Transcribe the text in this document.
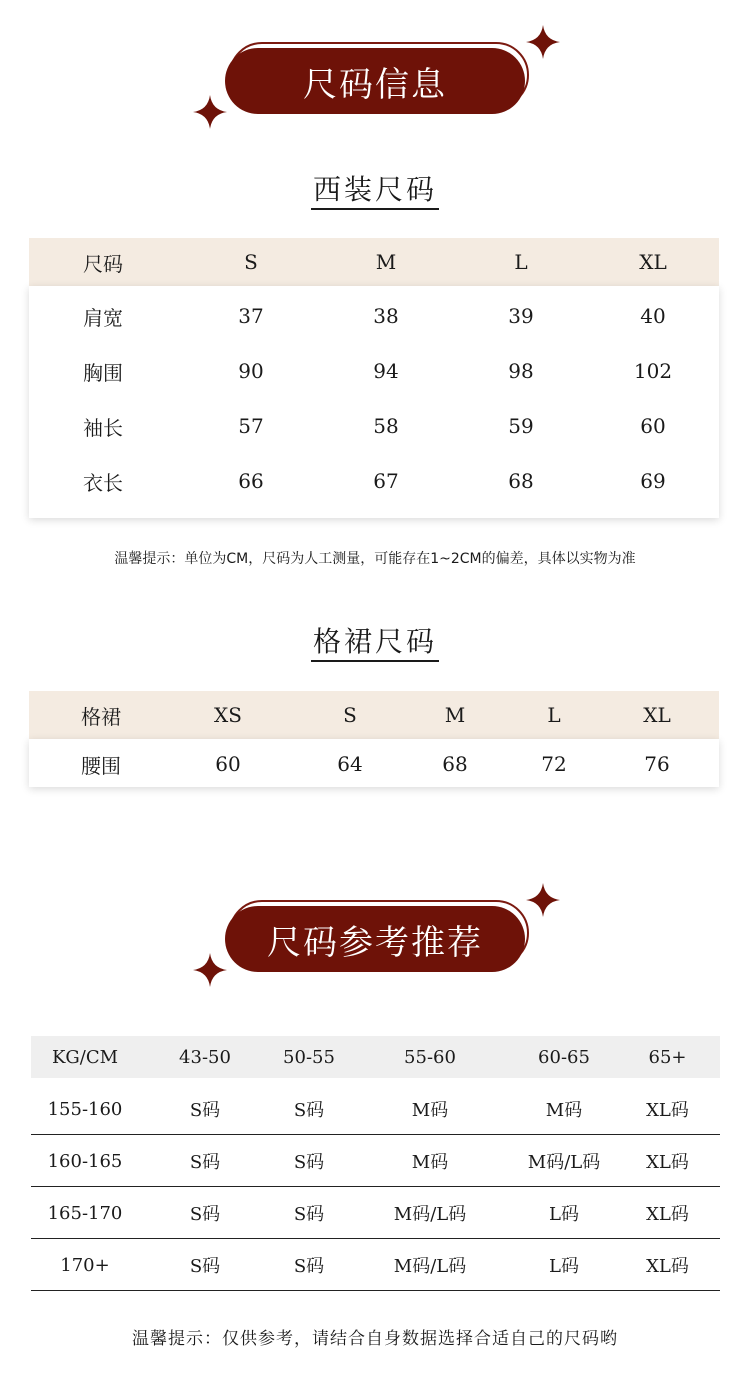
尺码信息
西装尺码
尺码	S	M	L	XL
肩宽	37	38	39	40
胸围	90	94	98	102
袖长	57	58	59	60
衣长	66	67	68	69
温馨提示：单位为CM，尺码为人工测量，可能存在1~2CM的偏差，具体以实物为准
格裙尺码
格裙	XS	S	M	L	XL
腰围	60	64	68	72	76
尺码参考推荐
KG/CM	43-50	50-55	55-60	60-65	65+
155-160	S码	S码	M码	M码	XL码
160-165	S码	S码	M码	M码/L码	XL码
165-170	S码	S码	M码/L码	L码	XL码
170+	S码	S码	M码/L码	L码	XL码
温馨提示：仅供参考，请结合自身数据选择合适自己的尺码哟
